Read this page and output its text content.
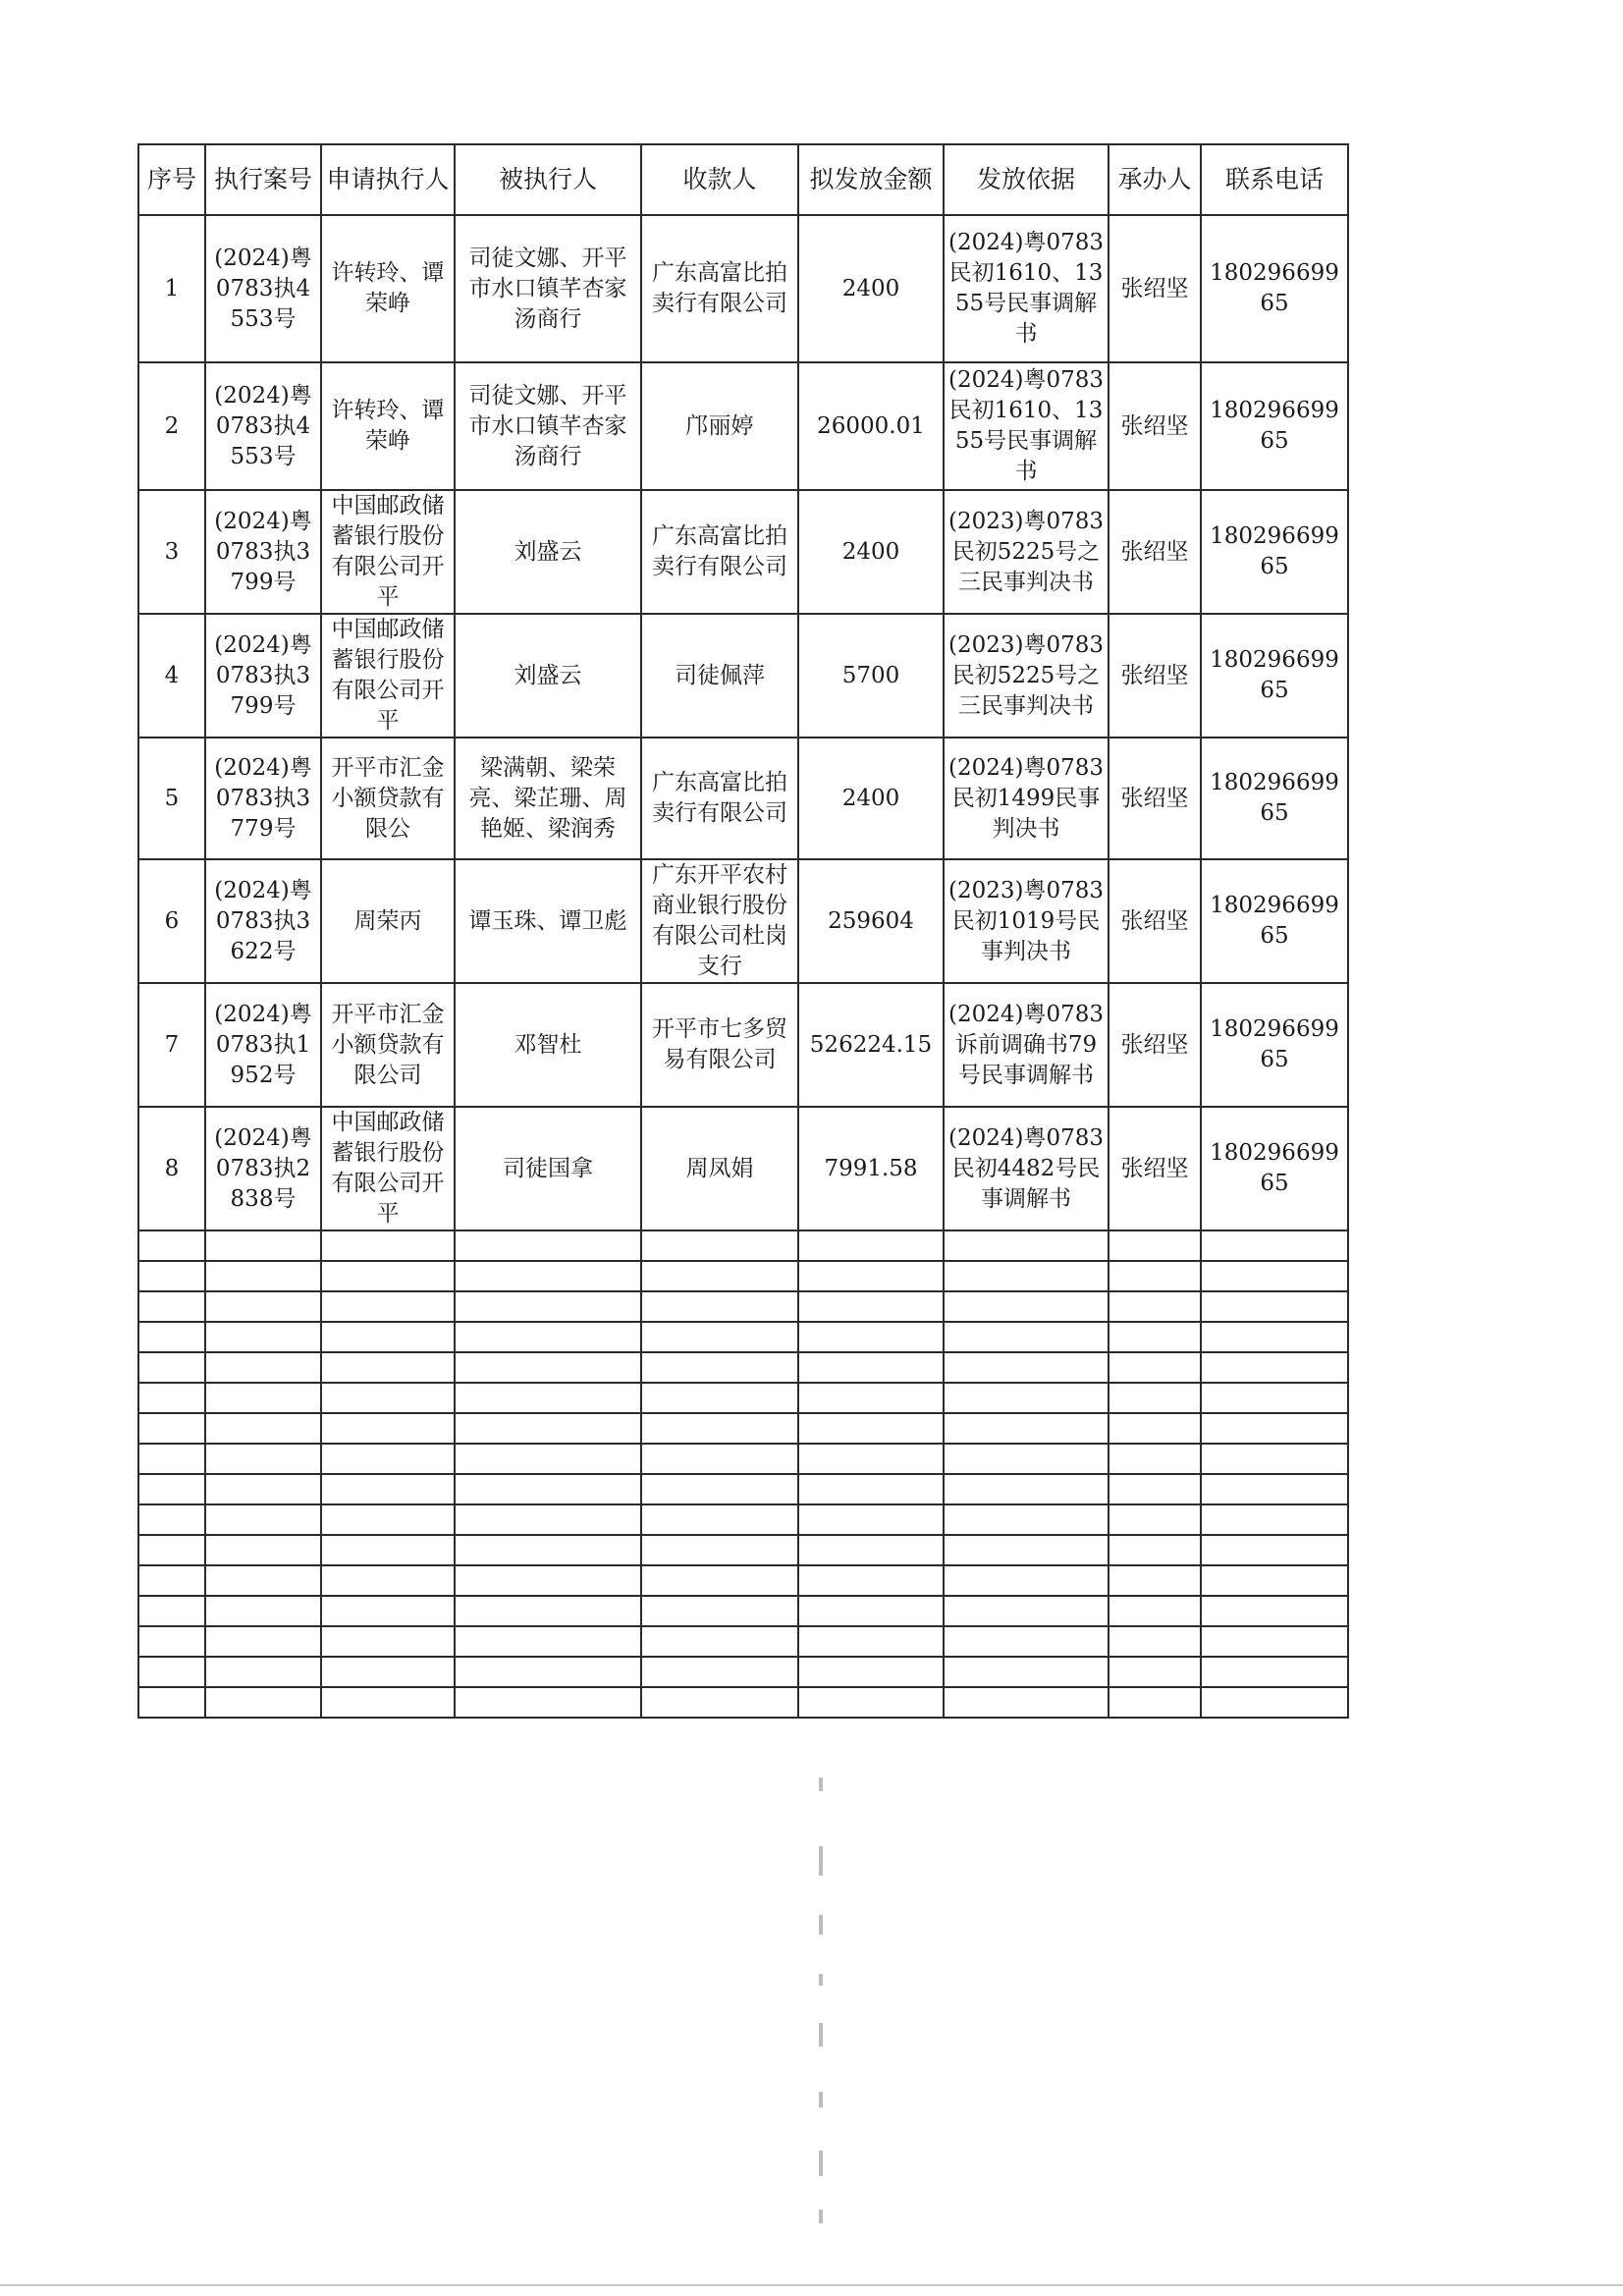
序号	执行案号	申请执行人	被执行人	收款人	拟发放金额	发放依据	承办人	联系电话
1	(2024)粤0783执4553号	许转玲、谭荣峥	司徒文娜、开平市水口镇芊杏家汤商行	广东高富比拍卖行有限公司	2400	(2024)粤0783民初1610、1355号民事调解书	张绍坚	18029669965
2	(2024)粤0783执4553号	许转玲、谭荣峥	司徒文娜、开平市水口镇芊杏家汤商行	邝丽婷	26000.01	(2024)粤0783民初1610、1355号民事调解书	张绍坚	18029669965
3	(2024)粤0783执3799号	中国邮政储蓄银行股份有限公司开平	刘盛云	广东高富比拍卖行有限公司	2400	(2023)粤0783民初5225号之三民事判决书	张绍坚	18029669965
4	(2024)粤0783执3799号	中国邮政储蓄银行股份有限公司开平	刘盛云	司徒佩萍	5700	(2023)粤0783民初5225号之三民事判决书	张绍坚	18029669965
5	(2024)粤0783执3779号	开平市汇金小额贷款有限公	梁满朝、梁荣亮、梁芷珊、周艳姬、梁润秀	广东高富比拍卖行有限公司	2400	(2024)粤0783民初1499民事判决书	张绍坚	18029669965
6	(2024)粤0783执3622号	周荣丙	谭玉珠、谭卫彪	广东开平农村商业银行股份有限公司杜岗支行	259604	(2023)粤0783民初1019号民事判决书	张绍坚	18029669965
7	(2024)粤0783执1952号	开平市汇金小额贷款有限公司	邓智杜	开平市七多贸易有限公司	526224.15	(2024)粤0783诉前调确书79号民事调解书	张绍坚	18029669965
8	(2024)粤0783执2838号	中国邮政储蓄银行股份有限公司开平	司徒国拿	周凤娟	7991.58	(2024)粤0783民初4482号民事调解书	张绍坚	18029669965
